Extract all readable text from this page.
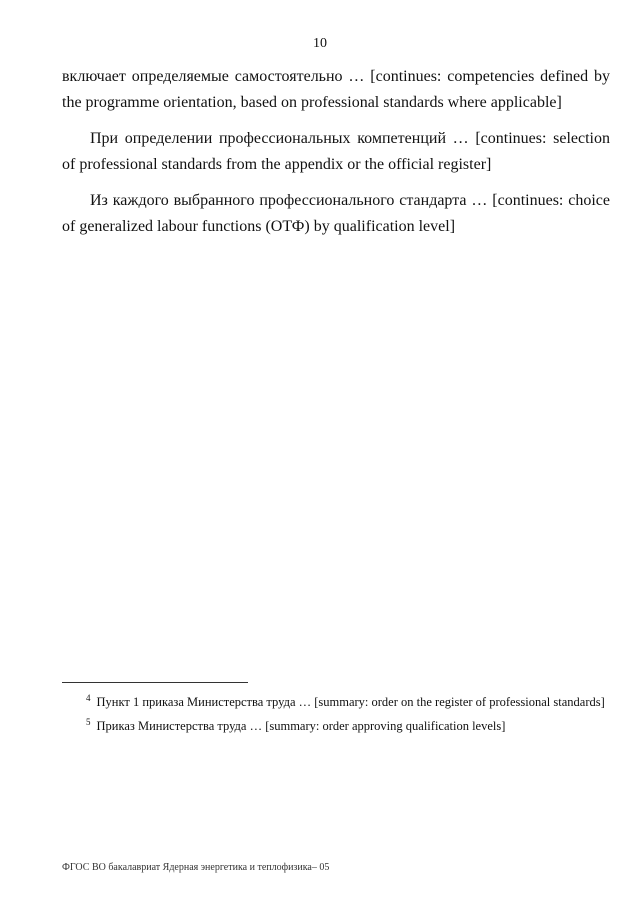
10

включает определяемые самостоятельно … [continues: competencies defined by the programme orientation, based on professional standards where applicable]

При определении профессиональных компетенций … [continues: selection of professional standards from the appendix or the official register]

Из каждого выбранного профессионального стандарта … [continues: choice of generalized labour functions (ОТФ) by qualification level]

$^4$ Пункт 1 приказа Министерства труда … [summary: order on the register of professional standards]

$^5$ Приказ Министерства труда … [summary: order approving qualification levels]

ФГОС ВО бакалавриат Ядерная энергетика и теплофизика– 05
